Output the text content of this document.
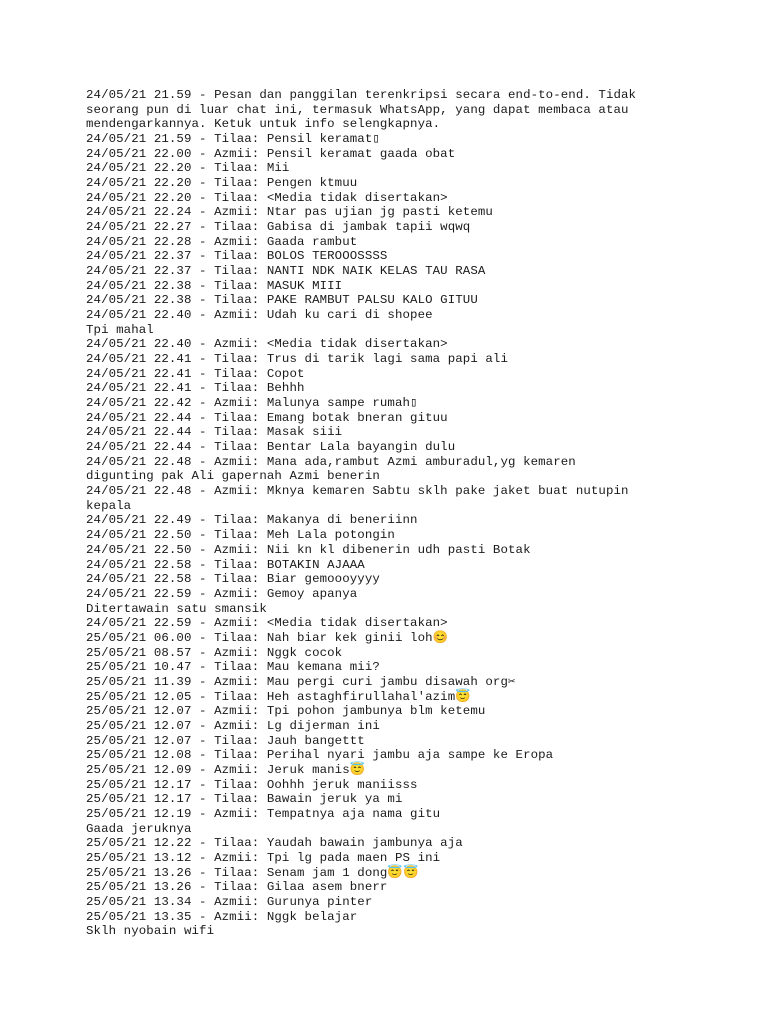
24/05/21 21.59 - Pesan dan panggilan terenkripsi secara end-to-end. Tidak
seorang pun di luar chat ini, termasuk WhatsApp, yang dapat membaca atau
mendengarkannya. Ketuk untuk info selengkapnya.
24/05/21 21.59 - Tilaa: Pensil keramat▯
24/05/21 22.00 - Azmii: Pensil keramat gaada obat
24/05/21 22.20 - Tilaa: Mii
24/05/21 22.20 - Tilaa: Pengen ktmuu
24/05/21 22.20 - Tilaa: <Media tidak disertakan>
24/05/21 22.24 - Azmii: Ntar pas ujian jg pasti ketemu
24/05/21 22.27 - Tilaa: Gabisa di jambak tapii wqwq
24/05/21 22.28 - Azmii: Gaada rambut
24/05/21 22.37 - Tilaa: BOLOS TEROOOSSSS
24/05/21 22.37 - Tilaa: NANTI NDK NAIK KELAS TAU RASA
24/05/21 22.38 - Tilaa: MASUK MIII
24/05/21 22.38 - Tilaa: PAKE RAMBUT PALSU KALO GITUU
24/05/21 22.40 - Azmii: Udah ku cari di shopee
Tpi mahal
24/05/21 22.40 - Azmii: <Media tidak disertakan>
24/05/21 22.41 - Tilaa: Trus di tarik lagi sama papi ali
24/05/21 22.41 - Tilaa: Copot
24/05/21 22.41 - Tilaa: Behhh
24/05/21 22.42 - Azmii: Malunya sampe rumah▯
24/05/21 22.44 - Tilaa: Emang botak bneran gituu
24/05/21 22.44 - Tilaa: Masak siii
24/05/21 22.44 - Tilaa: Bentar Lala bayangin dulu
24/05/21 22.48 - Azmii: Mana ada,rambut Azmi amburadul,yg kemaren
digunting pak Ali gapernah Azmi benerin
24/05/21 22.48 - Azmii: Mknya kemaren Sabtu sklh pake jaket buat nutupin
kepala
24/05/21 22.49 - Tilaa: Makanya di beneriinn
24/05/21 22.50 - Tilaa: Meh Lala potongin
24/05/21 22.50 - Azmii: Nii kn kl dibenerin udh pasti Botak
24/05/21 22.58 - Tilaa: BOTAKIN AJAAA
24/05/21 22.58 - Tilaa: Biar gemoooyyyy
24/05/21 22.59 - Azmii: Gemoy apanya
Ditertawain satu smansik
24/05/21 22.59 - Azmii: <Media tidak disertakan>
25/05/21 06.00 - Tilaa: Nah biar kek ginii loh😊
25/05/21 08.57 - Azmii: Nggk cocok
25/05/21 10.47 - Tilaa: Mau kemana mii?
25/05/21 11.39 - Azmii: Mau pergi curi jambu disawah org✂
25/05/21 12.05 - Tilaa: Heh astaghfirullahal'azim😇
25/05/21 12.07 - Azmii: Tpi pohon jambunya blm ketemu
25/05/21 12.07 - Azmii: Lg dijerman ini
25/05/21 12.07 - Tilaa: Jauh bangettt
25/05/21 12.08 - Tilaa: Perihal nyari jambu aja sampe ke Eropa
25/05/21 12.09 - Azmii: Jeruk manis😇
25/05/21 12.17 - Tilaa: Oohhh jeruk maniisss
25/05/21 12.17 - Tilaa: Bawain jeruk ya mi
25/05/21 12.19 - Azmii: Tempatnya aja nama gitu
Gaada jeruknya
25/05/21 12.22 - Tilaa: Yaudah bawain jambunya aja
25/05/21 13.12 - Azmii: Tpi lg pada maen PS ini
25/05/21 13.26 - Tilaa: Senam jam 1 dong😇😇
25/05/21 13.26 - Tilaa: Gilaa asem bnerr
25/05/21 13.34 - Azmii: Gurunya pinter
25/05/21 13.35 - Azmii: Nggk belajar
Sklh nyobain wifi
